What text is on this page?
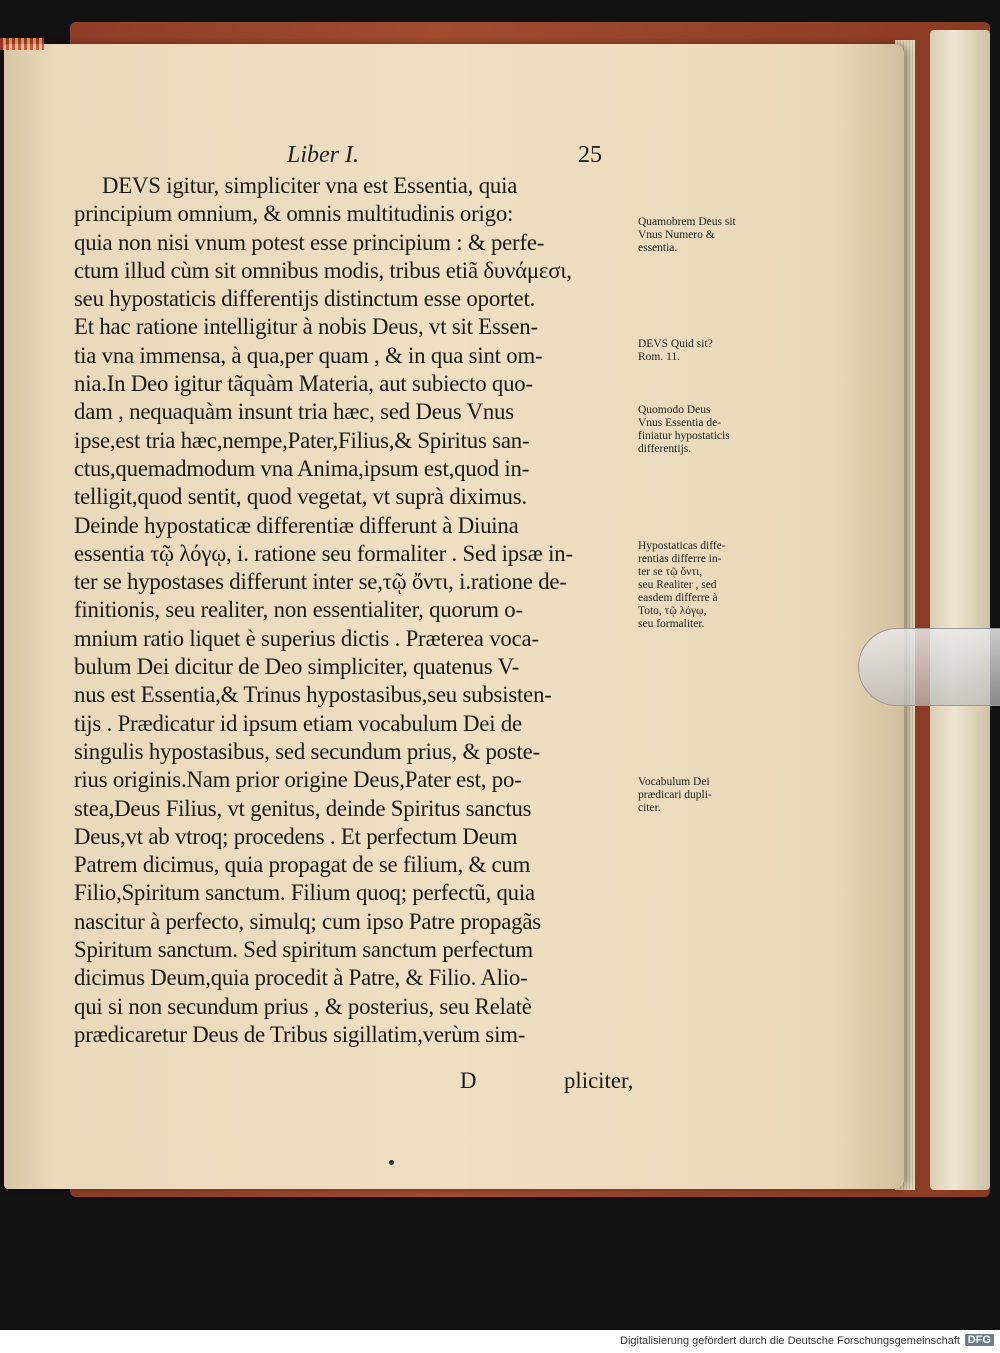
Liber I.	25
DEVS igitur, simpliciter vna est Essentia, quia
principium omnium, & omnis multitudinis origo:
quia non nisi vnum potest esse principium : & perfe-
ctum illud cùm sit omnibus modis, tribus etiã δυνάμεσι,
seu hypostaticis differentijs distinctum esse oportet.
Et hac ratione intelligitur à nobis Deus, vt sit Essen-
tia vna immensa, à qua,per quam , & in qua sint om-
nia.In Deo igitur tãquàm Materia, aut subiecto quo-
dam , nequaquàm insunt tria hæc, sed Deus Vnus
ipse,est tria hæc,nempe,Pater,Filius,& Spiritus san-
ctus,quemadmodum vna Anima,ipsum est,quod in-
telligit,quod sentit, quod vegetat, vt suprà diximus.
Deinde hypostaticæ differentiæ differunt à Diuina
essentia τῷ λόγῳ, i. ratione seu formaliter . Sed ipsæ in-
ter se hypostases differunt inter se,τῷ ὄντι, i.ratione de-
finitionis, seu realiter, non essentialiter, quorum o-
mnium ratio liquet è superius dictis . Præterea voca-
bulum Dei dicitur de Deo simpliciter, quatenus V-
nus est Essentia,& Trinus hypostasibus,seu subsisten-
tijs . Prædicatur id ipsum etiam vocabulum Dei de
singulis hypostasibus, sed secundum prius, & poste-
rius originis.Nam prior origine Deus,Pater est, po-
stea,Deus Filius, vt genitus, deinde Spiritus sanctus
Deus,vt ab vtroq; procedens . Et perfectum Deum
Patrem dicimus, quia propagat de se filium, & cum
Filio,Spiritum sanctum. Filium quoq; perfectũ, quia
nascitur à perfecto, simulq; cum ipso Patre propagãs
Spiritum sanctum. Sed spiritum sanctum perfectum
dicimus Deum,quia procedit à Patre, & Filio. Alio-
qui si non secundum prius , & posterius, seu Relatè
prædicaretur Deus de Tribus sigillatim,verùm sim-
Quamobrem Deus sit
Vnus Numero &
essentia.
DEVS Quid sit?
Rom. 11.
Quomodo Deus
Vnus Essentia de-
finiatur hypostaticis
differentijs.
Hypostaticas diffe-
rentias differre in-
ter se τῷ ὄντι,
seu Realiter , sed
easdem differre à
Toto, τῷ λόγῳ,
seu formaliter.
Vocabulum Dei
prædicari dupli-
citer.
D	pliciter,
Digitalisierung gefördert durch die Deutsche Forschungsgemeinschaft DFG
